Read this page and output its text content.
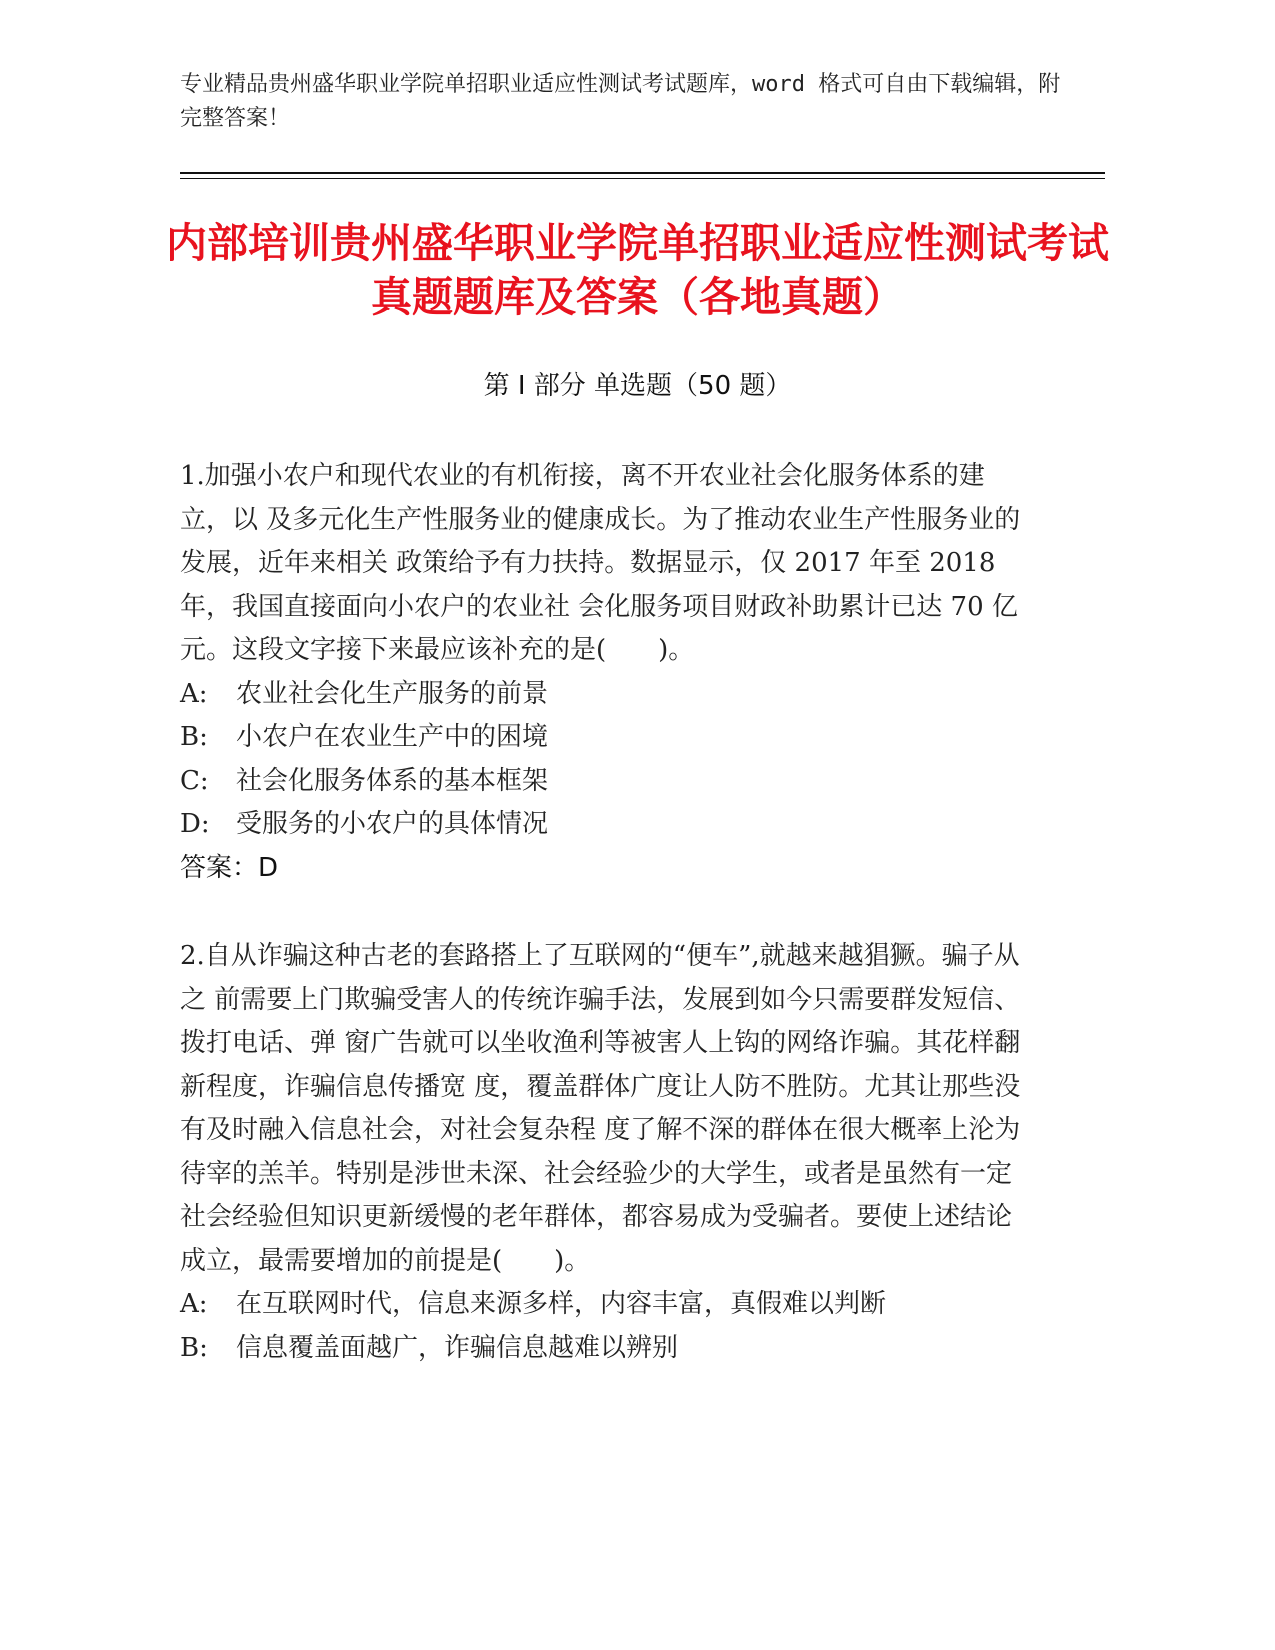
专业精品贵州盛华职业学院单招职业适应性测试考试题库，word 格式可自由下载编辑，附完整答案！
内部培训贵州盛华职业学院单招职业适应性测试考试真题题库及答案（各地真题）
第 I 部分 单选题（50 题）

1.加强小农户和现代农业的有机衔接，离不开农业社会化服务体系的建立，以 及多元化生产性服务业的健康成长。为了推动农业生产性服务业的发展，近年来相关 政策给予有力扶持。数据显示，仅 2017 年至 2018 年，我国直接面向小农户的农业社 会化服务项目财政补助累计已达 70 亿元。这段文字接下来最应该补充的是(　　)。

A:	农业社会化生产服务的前景
B:	小农户在农业生产中的困境
C:	社会化服务体系的基本框架
D:	受服务的小农户的具体情况
答案：D

2.自从诈骗这种古老的套路搭上了互联网的“便车”,就越来越猖獗。骗子从之 前需要上门欺骗受害人的传统诈骗手法，发展到如今只需要群发短信、拨打电话、弹 窗广告就可以坐收渔利等被害人上钩的网络诈骗。其花样翻新程度，诈骗信息传播宽 度，覆盖群体广度让人防不胜防。尤其让那些没有及时融入信息社会，对社会复杂程 度了解不深的群体在很大概率上沦为待宰的羔羊。特别是涉世未深、社会经验少的大学生，或者是虽然有一定社会经验但知识更新缓慢的老年群体，都容易成为受骗者。要使上述结论成立，最需要增加的前提是(　　)。

A:	在互联网时代，信息来源多样，内容丰富，真假难以判断
B:	信息覆盖面越广，诈骗信息越难以辨别
